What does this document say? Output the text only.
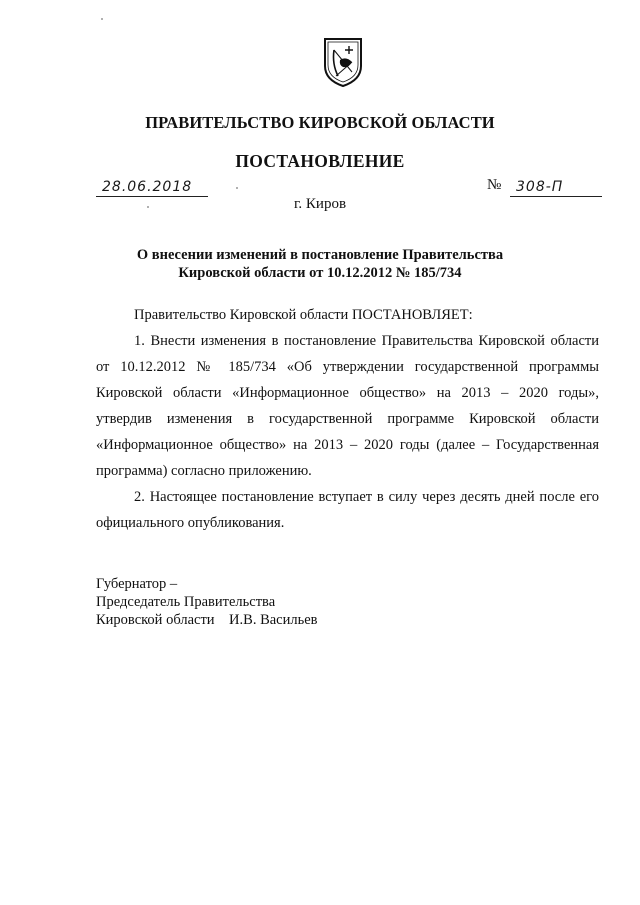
ПРАВИТЕЛЬСТВО КИРОВСКОЙ ОБЛАСТИ
ПОСТАНОВЛЕНИЕ
28.06.2018	№ 308-П
г. Киров
О внесении изменений в постановление Правительства
Кировской области от 10.12.2012 № 185/734
Правительство Кировской области ПОСТАНОВЛЯЕТ:
1. Внести изменения в постановление Правительства Кировской области от 10.12.2012 № 185/734 «Об утверждении государственной программы Кировской области «Информационное общество» на 2013 – 2020 годы», утвердив изменения в государственной программе Кировской области «Информационное общество» на 2013 – 2020 годы (далее – Государственная программа) согласно приложению.
2. Настоящее постановление вступает в силу через десять дней после его официального опубликования.
Губернатор –
Председатель Правительства
Кировской области И.В. Васильев
